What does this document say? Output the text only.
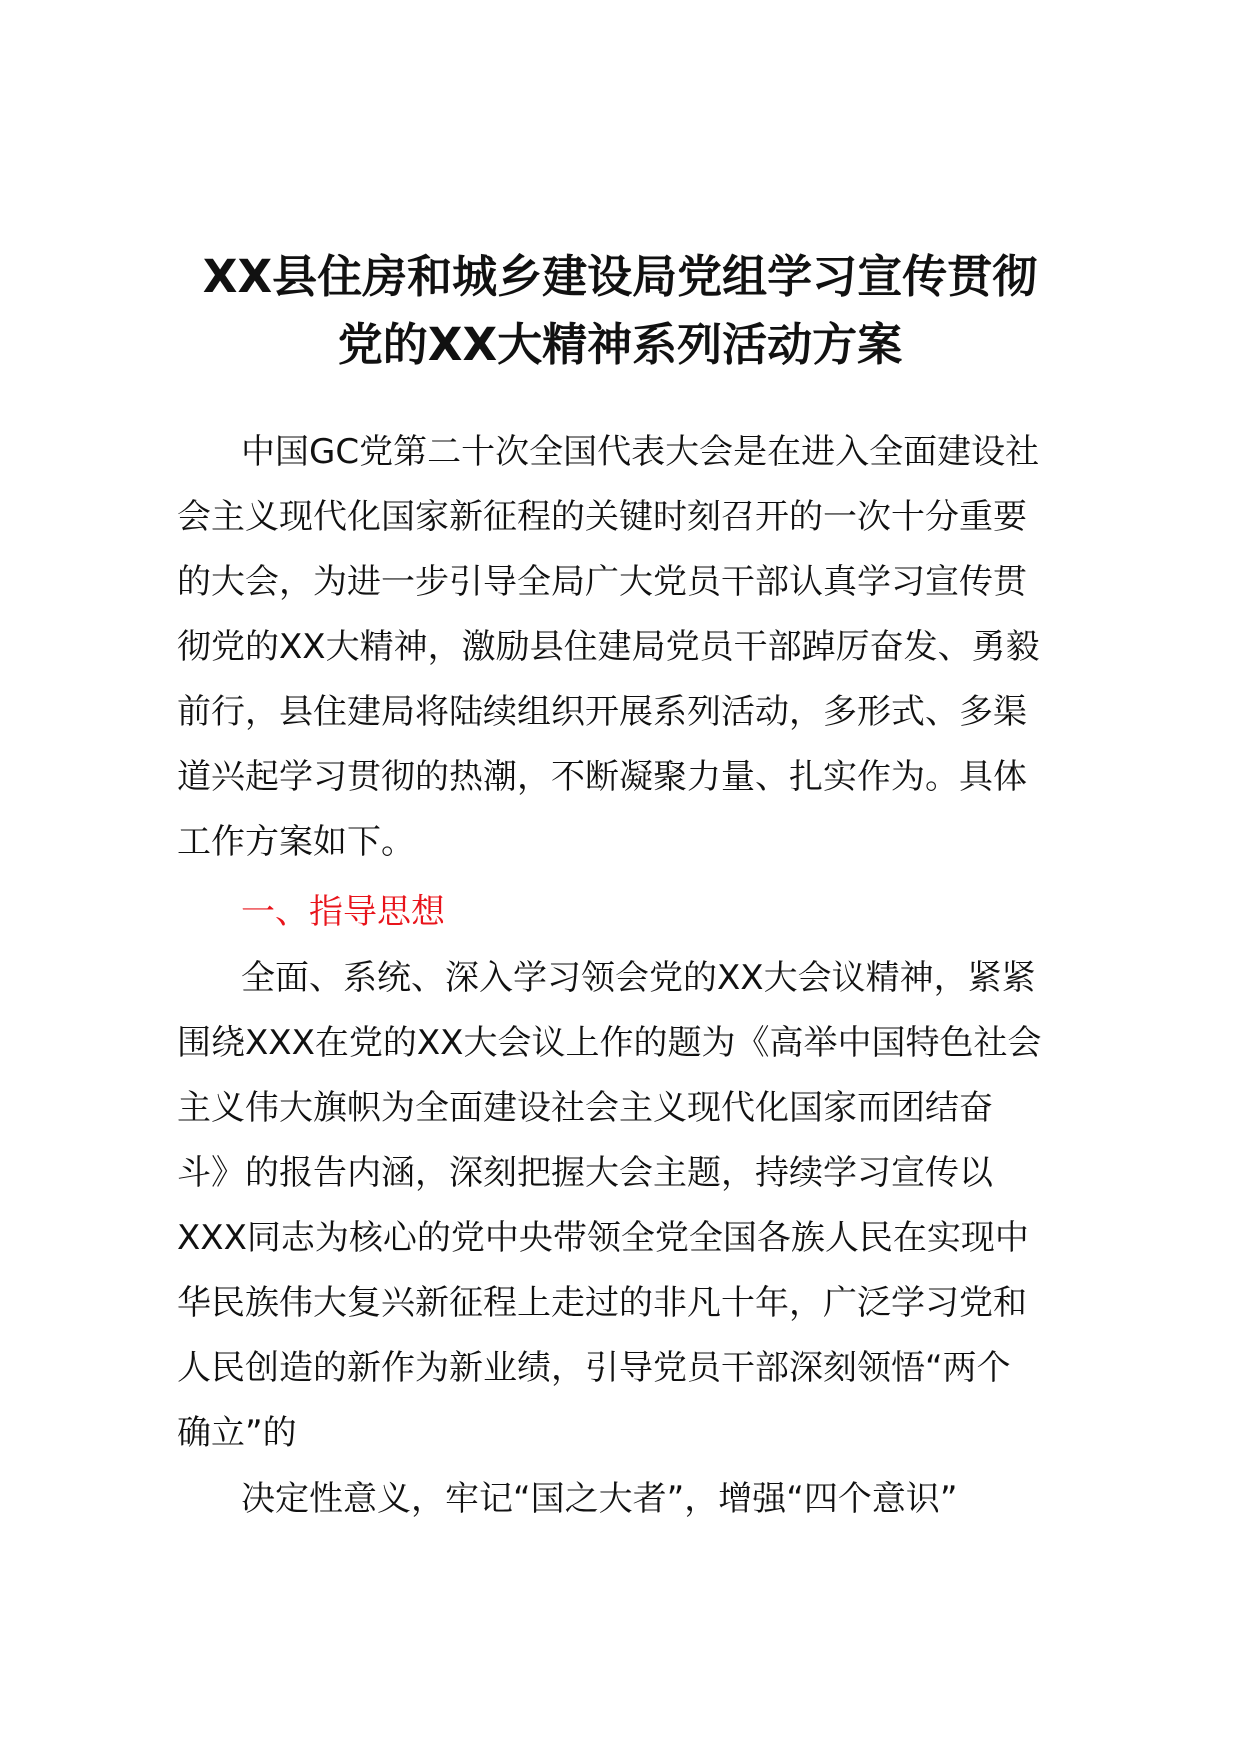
XX县住房和城乡建设局党组学习宣传贯彻
党的XX大精神系列活动方案
中国GC党第二十次全国代表大会是在进入全面建设社
会主义现代化国家新征程的关键时刻召开的一次十分重要
的大会，为进一步引导全局广大党员干部认真学习宣传贯
彻党的XX大精神，激励县住建局党员干部踔厉奋发、勇毅
前行，县住建局将陆续组织开展系列活动，多形式、多渠
道兴起学习贯彻的热潮，不断凝聚力量、扎实作为。具体
工作方案如下。
一、指导思想
全面、系统、深入学习领会党的XX大会议精神，紧紧
围绕XXX在党的XX大会议上作的题为《高举中国特色社会
主义伟大旗帜为全面建设社会主义现代化国家而团结奋
斗》的报告内涵，深刻把握大会主题，持续学习宣传以
XXX同志为核心的党中央带领全党全国各族人民在实现中
华民族伟大复兴新征程上走过的非凡十年，广泛学习党和
人民创造的新作为新业绩，引导党员干部深刻领悟“两个
确立”的
决定性意义，牢记“国之大者”，增强“四个意识”
